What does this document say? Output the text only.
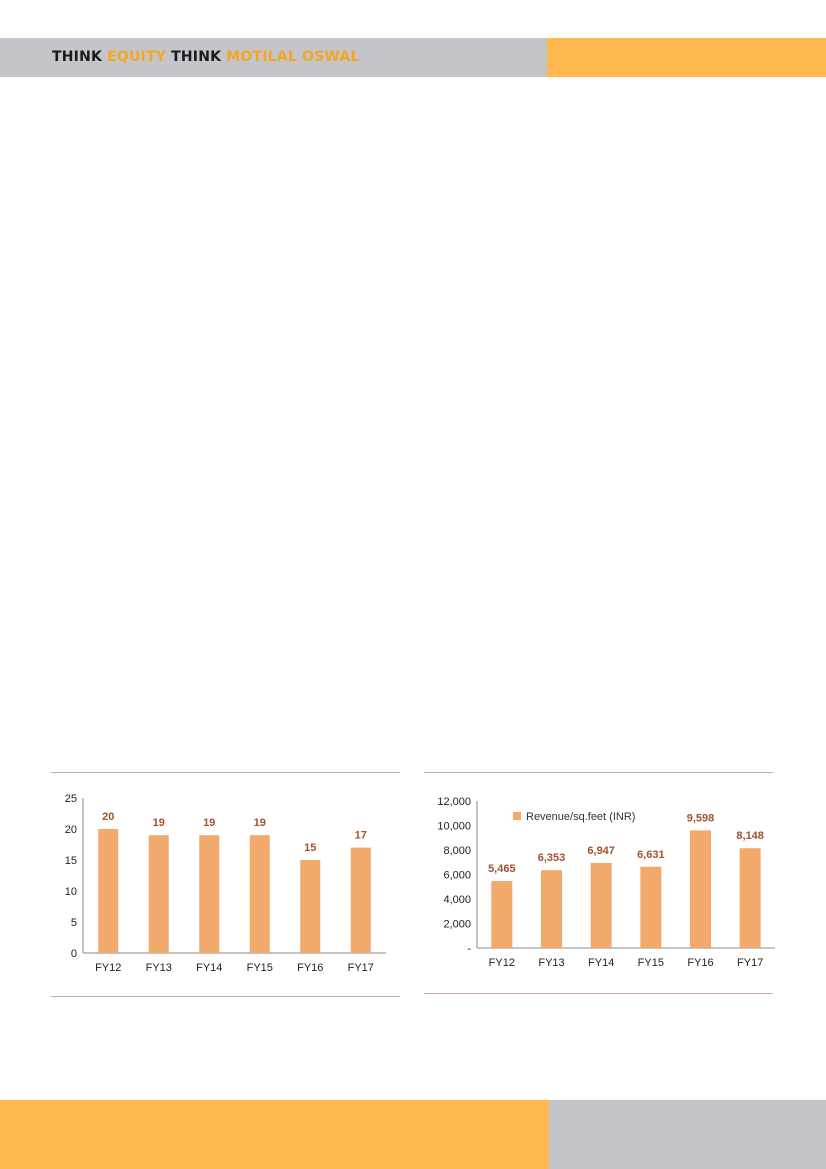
THINK EQUITY THINK MOTILAL OSWAL
0
5
10
15
20
25
20
FY12
19
FY13
19
FY14
19
FY15
15
FY16
17
FY17
-
2,000
4,000
6,000
8,000
10,000
12,000
5,465
FY12
6,353
FY13
6,947
FY14
6,631
FY15
9,598
FY16
8,148
FY17
Revenue/sq.feet (INR)
